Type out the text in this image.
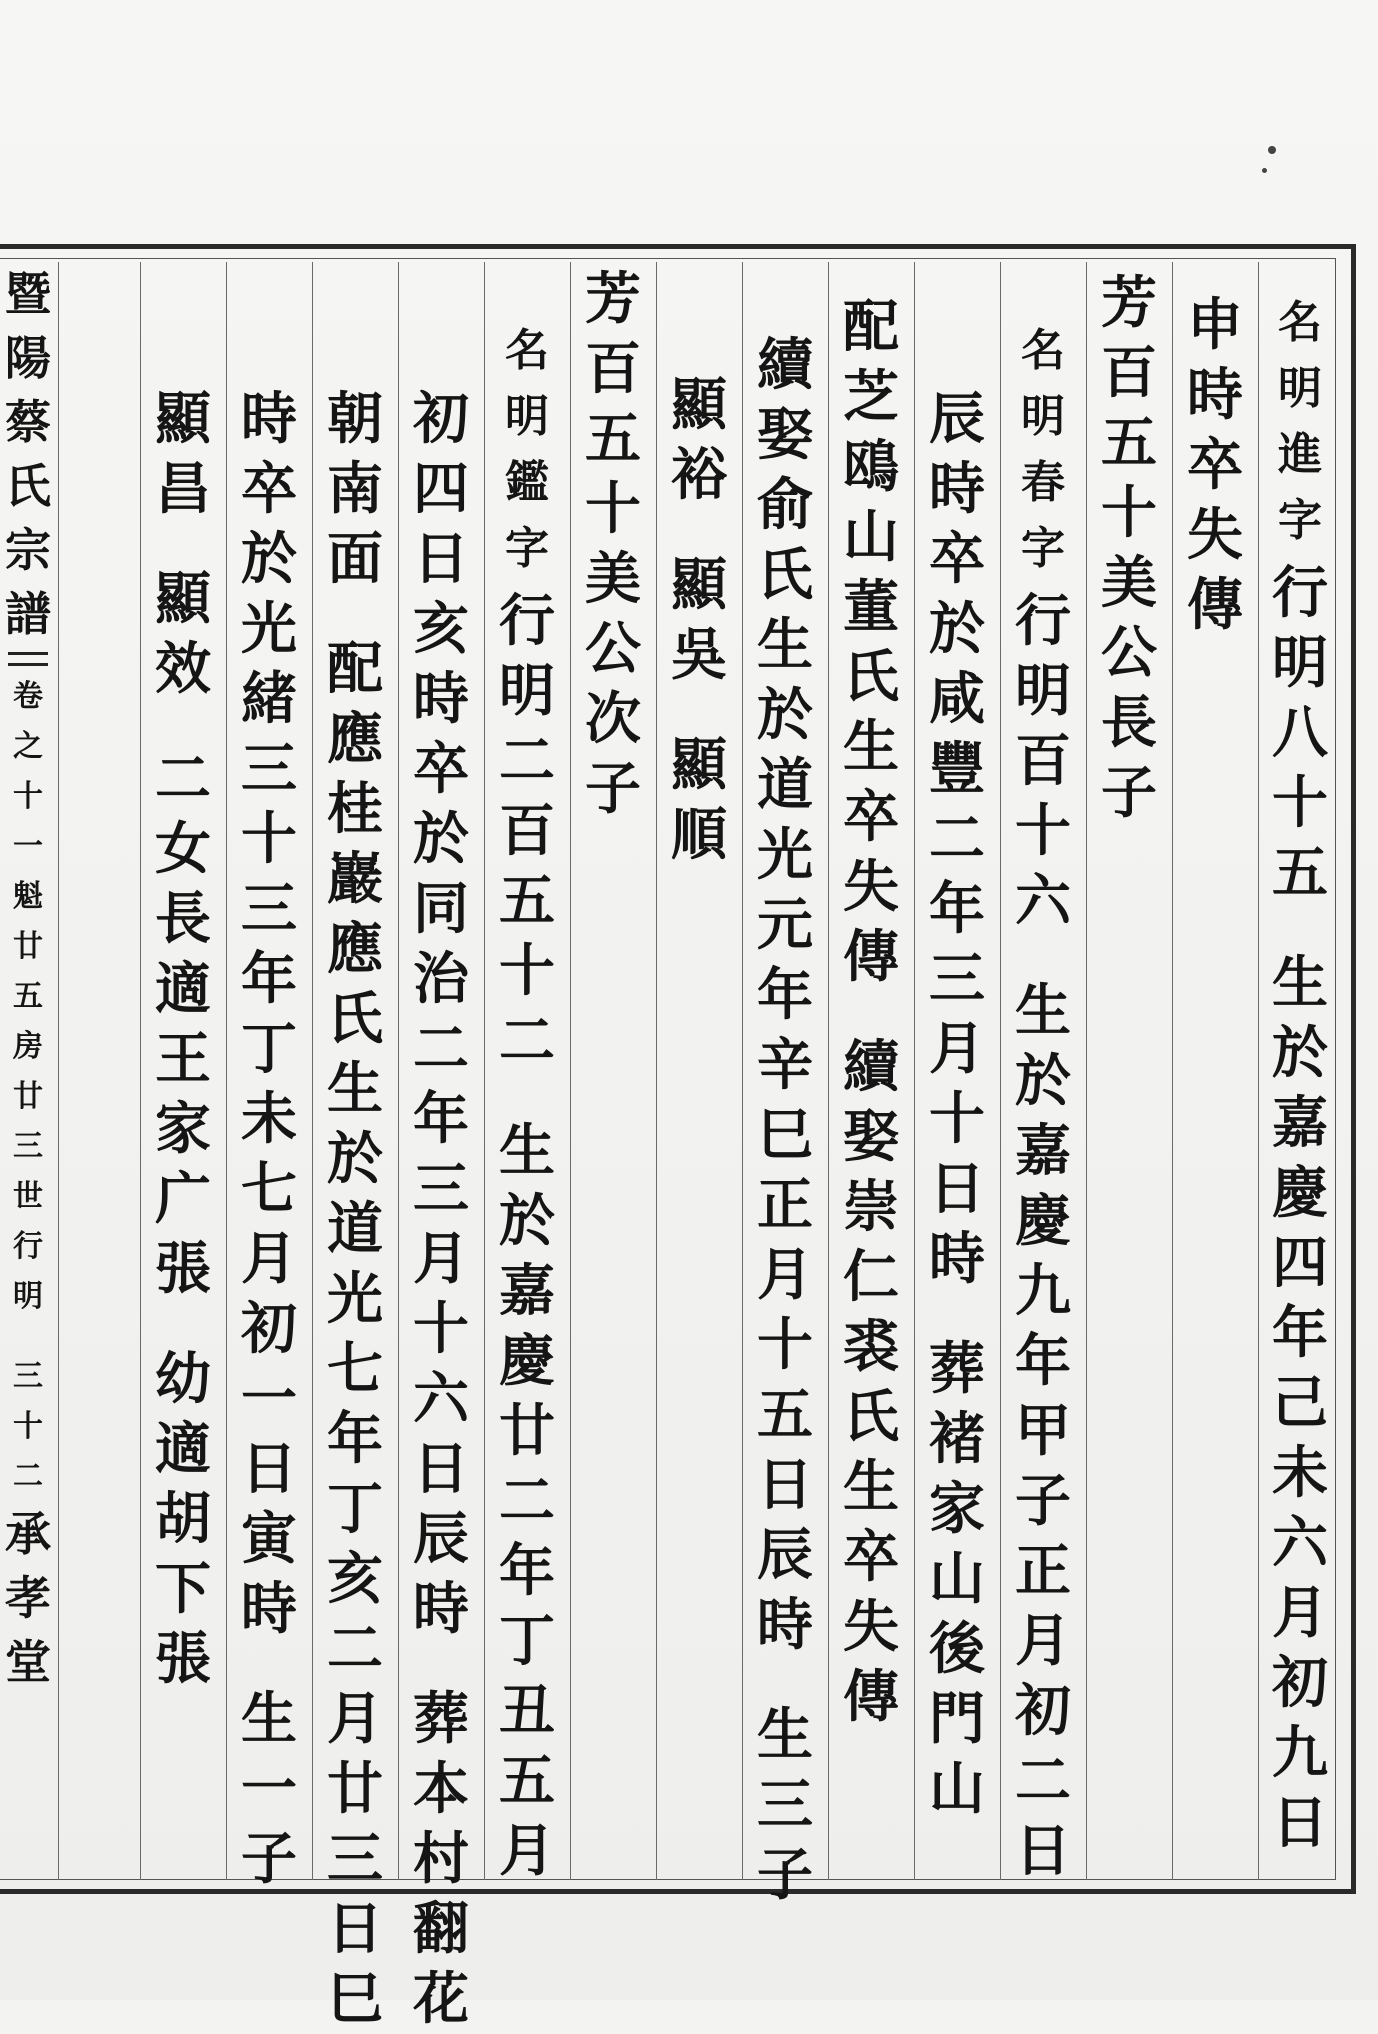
名
明
進
字
行
明
八
十
五
生
於
嘉
慶
四
年
己
未
六
月
初
九
日
申
時
卒
失
傳
芳
百
五
十
美
公
長
子
名
明
春
字
行
明
百
十
六
生
於
嘉
慶
九
年
甲
子
正
月
初
二
日
辰
時
卒
於
咸
豐
二
年
三
月
十
日
時
葬
褚
家
山
後
門
山
配
芝
鴎
山
董
氏
生
卒
失
傳
續
娶
崇
仁
裘
氏
生
卒
失
傳
續
娶
俞
氏
生
於
道
光
元
年
辛
巳
正
月
十
五
日
辰
時
生
三
子
顯
裕
顯
吳
顯
順
芳
百
五
十
美
公
次
子
名
明
鑑
字
行
明
二
百
五
十
二
生
於
嘉
慶
廿
二
年
丁
丑
五
月
初
四
日
亥
時
卒
於
同
治
二
年
三
月
十
六
日
辰
時
葬
本
村
翻
花
朝
南
面
配
應
桂
巖
應
氏
生
於
道
光
七
年
丁
亥
二
月
廿
三
日
巳
時
卒
於
光
緒
三
十
三
年
丁
未
七
月
初
一
日
寅
時
生
一
子
顯
昌
顯
效
二
女
長
適
王
家
广
張
幼
適
胡
下
張
暨
陽
蔡
氏
宗
譜
卷
之
十
一
魁
廿
五
房
廿
三
世
行
明
三
十
二
承
孝
堂
